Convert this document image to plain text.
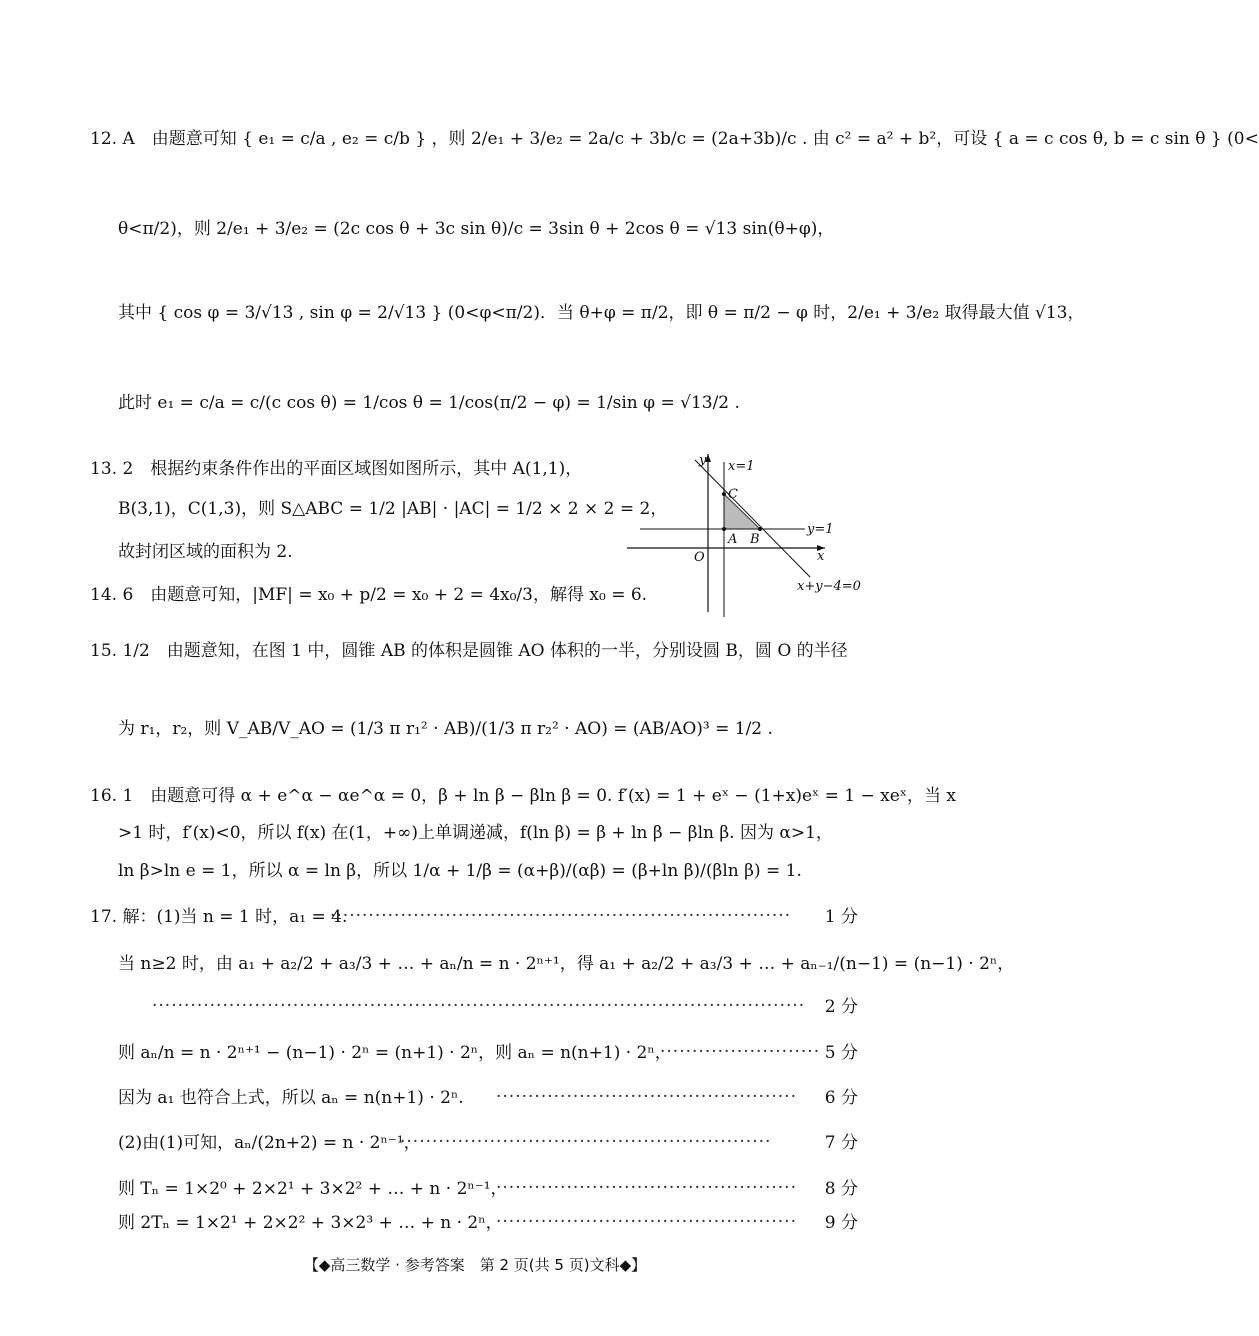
12. A　由题意可知 { e₁ = c/a , e₂ = c/b } ，则 2/e₁ + 3/e₂ = 2a/c + 3b/c = (2a+3b)/c . 由 c² = a² + b²，可设 { a = c cos θ, b = c sin θ } (0<
θ<π/2)，则 2/e₁ + 3/e₂ = (2c cos θ + 3c sin θ)/c = 3sin θ + 2cos θ = √13 sin(θ+φ)，
其中 { cos φ = 3/√13 , sin φ = 2/√13 } (0<φ<π/2)．当 θ+φ = π/2，即 θ = π/2 − φ 时，2/e₁ + 3/e₂ 取得最大值 √13，
此时 e₁ = c/a = c/(c cos θ) = 1/cos θ = 1/cos(π/2 − φ) = 1/sin φ = √13/2 .
13. 2　根据约束条件作出的平面区域图如图所示，其中 A(1,1)，
B(3,1)，C(1,3)，则 S△ABC = 1/2 |AB| · |AC| = 1/2 × 2 × 2 = 2，
故封闭区域的面积为 2.
y x=1
x
y=1
x+y−4=0
O
A B
C
14. 6　由题意可知，|MF| = x₀ + p/2 = x₀ + 2 = 4x₀/3，解得 x₀ = 6.
15. 1/2　由题意知，在图 1 中，圆锥 AB 的体积是圆锥 AO 体积的一半，分别设圆 B，圆 O 的半径
为 r₁，r₂，则 V_AB/V_AO = (1/3 π r₁² · AB)/(1/3 π r₂² · AO) = (AB/AO)³ = 1/2 .
16. 1　由题意可得 α + e^α − αe^α = 0，β + ln β − βln β = 0. f′(x) = 1 + eˣ − (1+x)eˣ = 1 − xeˣ，当 x
>1 时，f′(x)<0，所以 f(x) 在(1，+∞)上单调递减，f(ln β) = β + ln β − βln β. 因为 α>1，
ln β>ln e = 1，所以 α = ln β，所以 1/α + 1/β = (α+β)/(αβ) = (β+ln β)/(βln β) = 1.
17. 解：(1)当 n = 1 时，a₁ = 4.
········································································ 1 分
当 n≥2 时，由 a₁ + a₂/2 + a₃/3 + … + aₙ/n = n · 2ⁿ⁺¹，得 a₁ + a₂/2 + a₃/3 + … + aₙ₋₁/(n−1) = (n−1) · 2ⁿ，
······································································································ 2 分
则 aₙ/n = n · 2ⁿ⁺¹ − (n−1) · 2ⁿ = (n+1) · 2ⁿ，则 aₙ = n(n+1) · 2ⁿ，
························· 5 分
因为 a₁ 也符合上式，所以 aₙ = n(n+1) · 2ⁿ. ··············································· 6 分
(2)由(1)可知，aₙ/(2n+2) = n · 2ⁿ⁻¹，
··························································	7 分
则 Tₙ = 1×2⁰ + 2×2¹ + 3×2² + … + n · 2ⁿ⁻¹，
··············································· 8 分
则 2Tₙ = 1×2¹ + 2×2² + 3×2³ + … + n · 2ⁿ，
··············································· 9 分
【◆高三数学 · 参考答案　第 2 页(共 5 页)文科◆】
